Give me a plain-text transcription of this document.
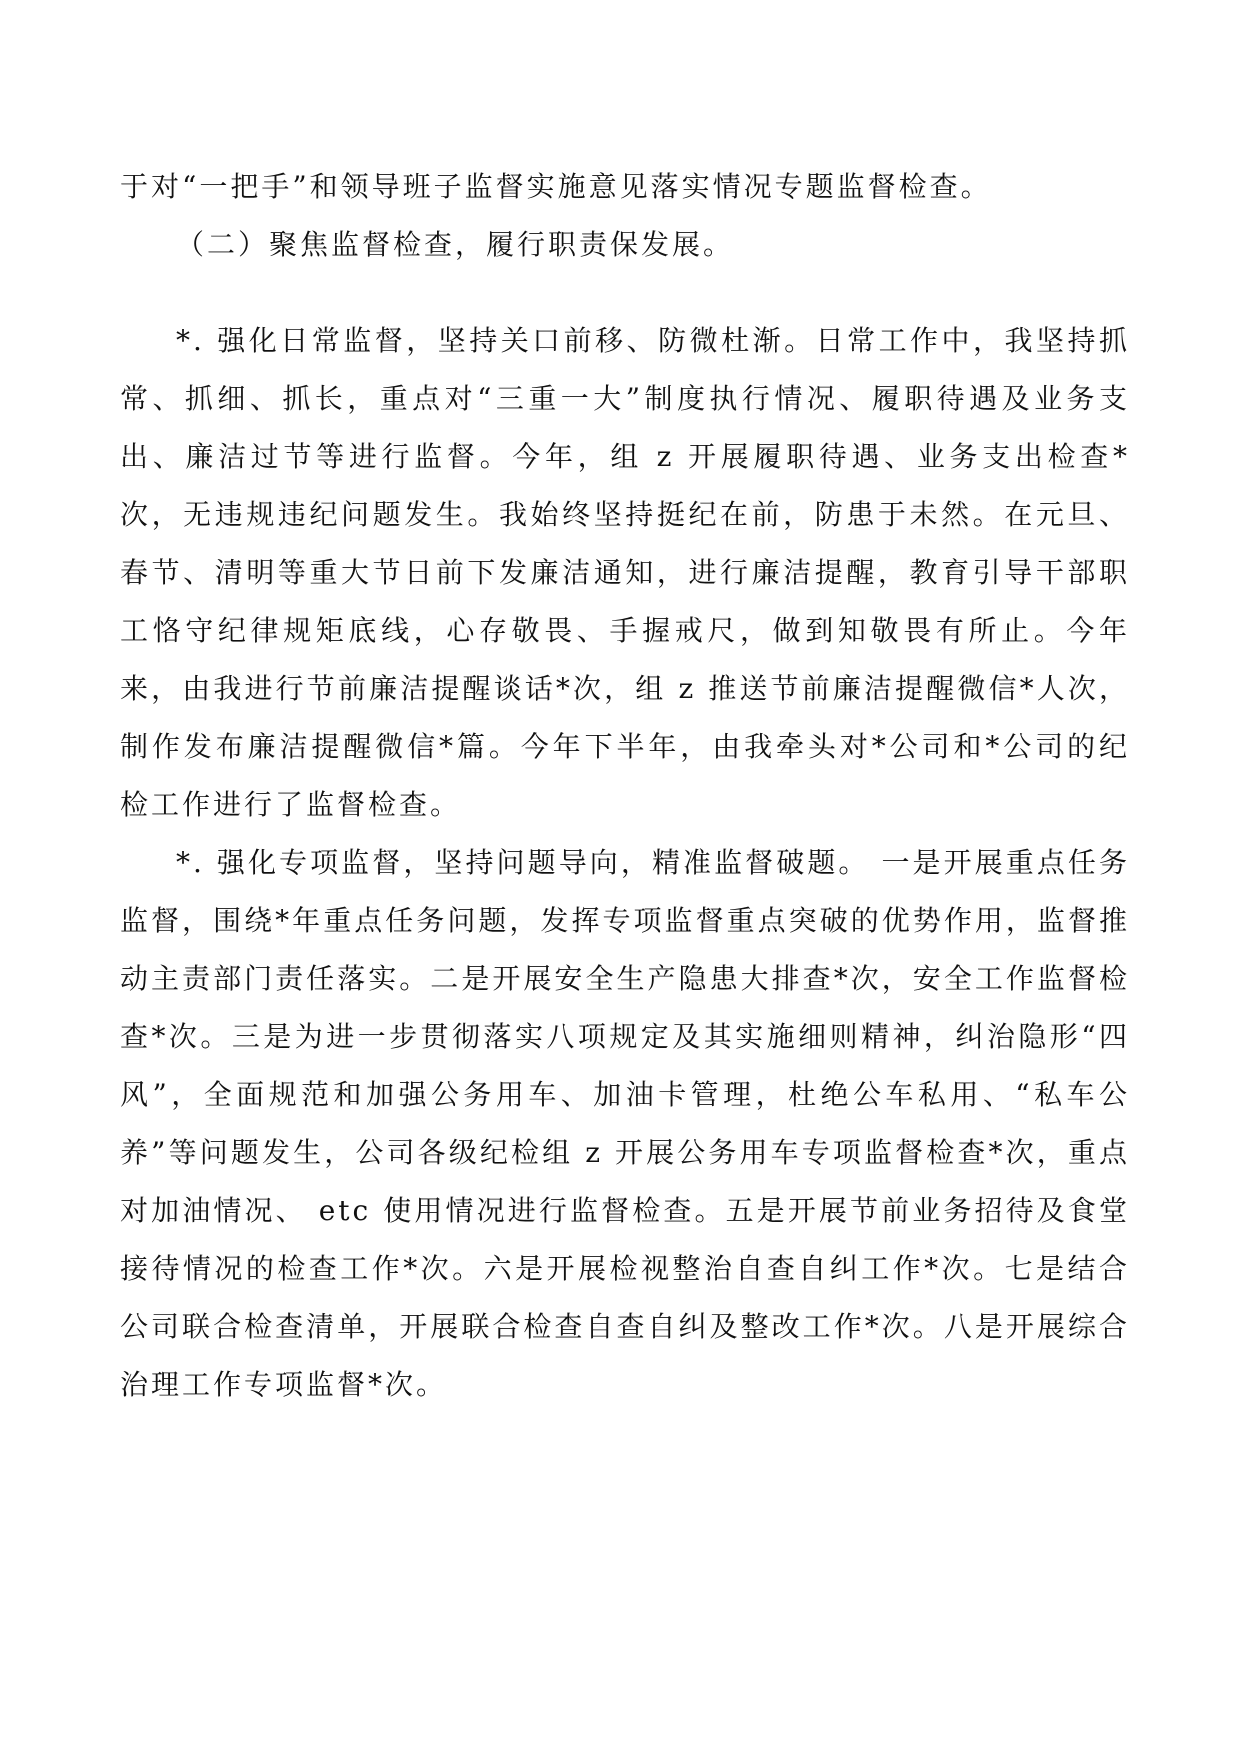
于对“一把手”和领导班子监督实施意见落实情况专题监督检查。

（二）聚焦监督检查，履行职责保发展。

*. 强化日常监督，坚持关口前移、防微杜渐。日常工作中，我坚持抓常、抓细、抓长，重点对“三重一大”制度执行情况、履职待遇及业务支出、廉洁过节等进行监督。今年，组 z 开展履职待遇、业务支出检查*次，无违规违纪问题发生。我始终坚持挺纪在前，防患于未然。在元旦、春节、清明等重大节日前下发廉洁通知，进行廉洁提醒，教育引导干部职工恪守纪律规矩底线，心存敬畏、手握戒尺，做到知敬畏有所止。今年来，由我进行节前廉洁提醒谈话*次，组 z 推送节前廉洁提醒微信*人次，制作发布廉洁提醒微信*篇。今年下半年，由我牵头对*公司和*公司的纪检工作进行了监督检查。

*. 强化专项监督，坚持问题导向，精准监督破题。 一是开展重点任务监督，围绕*年重点任务问题，发挥专项监督重点突破的优势作用，监督推动主责部门责任落实。二是开展安全生产隐患大排查*次，安全工作监督检查*次。三是为进一步贯彻落实八项规定及其实施细则精神，纠治隐形“四风”，全面规范和加强公务用车、加油卡管理，杜绝公车私用、“私车公养”等问题发生，公司各级纪检组 z 开展公务用车专项监督检查*次，重点对加油情况、 etc 使用情况进行监督检查。五是开展节前业务招待及食堂接待情况的检查工作*次。六是开展检视整治自查自纠工作*次。七是结合公司联合检查清单，开展联合检查自查自纠及整改工作*次。八是开展综合治理工作专项监督*次。
